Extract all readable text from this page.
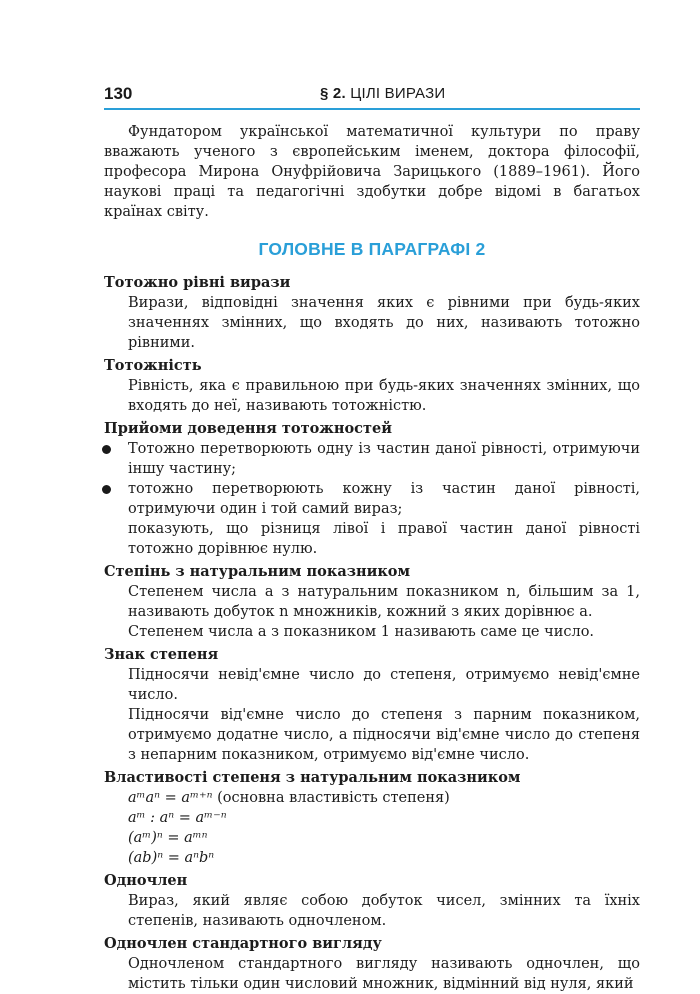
130	§ 2. ЦІЛІ ВИРАЗИ

Фундатором української математичної культури по праву вважають ученого з європейським іменем, доктора філософії, професора Мирона Онуфрійовича Зарицького (1889–1961). Його наукові праці та педагогічні здобутки добре відомі в багатьох країнах світу.

ГОЛОВНЕ В ПАРАГРАФІ 2
Тотожно рівні вирази

Вирази, відповідні значення яких є рівними при будь-яких значеннях змінних, що входять до них, називають тотожно рівними.

Тотожність

Рівність, яка є правильною при будь-яких значеннях змінних, що входять до неї, називають тотожністю.

Прийоми доведення тотожностей
Тотожно перетворюють одну із частин даної рівності, отримуючи іншу частину;
тотожно перетворюють кожну із частин даної рівності, отримуючи один і той самий вираз;

показують, що різниця лівої і правої частин даної рівності тотожно дорівнює нулю.

Степінь з натуральним показником

Степенем числа a з натуральним показником n, більшим за 1, називають добуток n множників, кожний з яких дорівнює a.

Степенем числа a з показником 1 називають саме це число.

Знак степеня

Підносячи невід'ємне число до степеня, отримуємо невід'ємне число.

Підносячи від'ємне число до степеня з парним показником, отримуємо додатне число, а підносячи від'ємне число до степеня з непарним показником, отримуємо від'ємне число.

Властивості степеня з натуральним показником
aᵐaⁿ = aᵐ⁺ⁿ (основна властивість степеня)
aᵐ : aⁿ = aᵐ⁻ⁿ
(aᵐ)ⁿ = aᵐⁿ
(ab)ⁿ = aⁿbⁿ
Одночлен

Вираз, який являє собою добуток чисел, змінних та їхніх степенів, називають одночленом.

Одночлен стандартного вигляду

Одночленом стандартного вигляду називають одночлен, що містить тільки один числовий множник, відмінний від нуля, який
